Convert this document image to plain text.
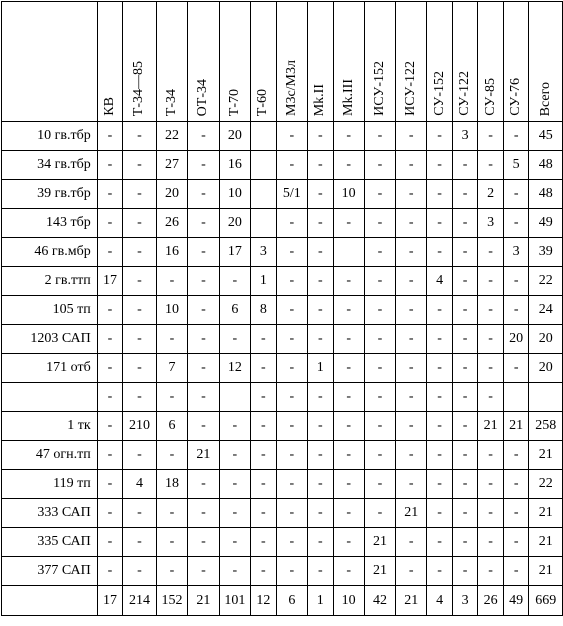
	КВ	Т-34—85	Т-34	ОТ-34	Т-70	Т-60	М3с/М3л	Mk.II	Mk.III	ИСУ-152	ИСУ-122	СУ-152	СУ-122	СУ-85	СУ-76	Всего
10 гв.тбр	-	-	22	-	20		-	-	-	-	-	-	3	-	-	45
34 гв.тбр	-	-	27	-	16		-	-	-	-	-	-	-	-	5	48
39 гв.тбр	-	-	20	-	10		5/1	-	10	-	-	-	-	2	-	48
143 тбр	-	-	26	-	20		-	-	-	-	-	-	-	3	-	49
46 гв.мбр	-	-	16	-	17	3	-	-		-	-	-	-	-	3	39
2 гв.ттп	17	-	-	-	-	1	-	-	-	-	-	4	-	-	-	22
105 тп	-	-	10	-	6	8	-	-	-	-	-	-	-	-	-	24
1203 САП	-	-	-	-	-	-	-	-	-	-	-	-	-	-	20	20
171 отб	-	-	7	-	12	-	-	1	-	-	-	-	-	-	-	20
	-	-	-	-		-	-	-	-	-	-	-	-	-		
1 тк	-	210	6	-	-	-	-	-	-	-	-	-	-	21	21	258
47 огн.тп	-	-	-	21	-	-	-	-	-	-	-	-	-	-	-	21
119 тп	-	4	18	-	-	-	-	-	-	-	-	-	-	-	-	22
333 САП	-	-	-	-	-	-	-	-	-	-	21	-	-	-	-	21
335 САП	-	-	-	-	-	-	-	-	-	21	-	-	-	-	-	21
377 САП	-	-	-	-	-	-	-	-	-	21	-	-	-	-	-	21
	17	214	152	21	101	12	6	1	10	42	21	4	3	26	49	669
